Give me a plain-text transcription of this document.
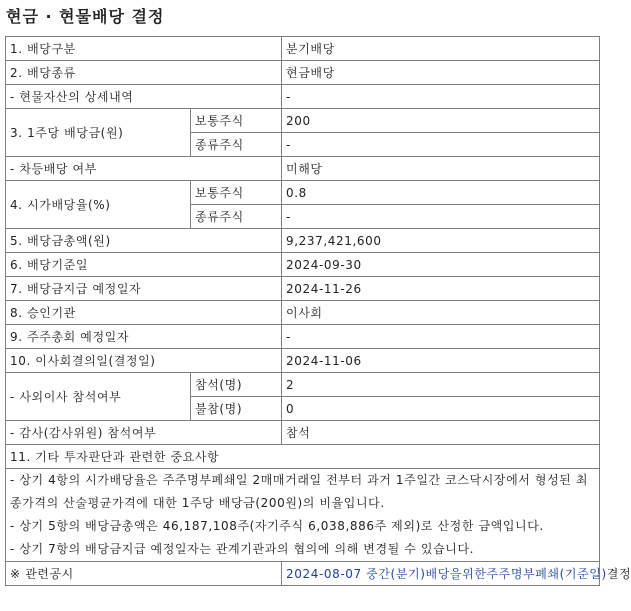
현금 · 현물배당 결정
1. 배당구분		분기배당
2. 배당종류		현금배당
- 현물자산의 상세내역		-
3. 1주당 배당금(원)	보통주식	200
	종류주식	-
- 차등배당 여부		미해당
4. 시가배당율(%)	보통주식	0.8
	종류주식	-
5. 배당금총액(원)		9,237,421,600
6. 배당기준일		2024-09-30
7. 배당금지급 예정일자		2024-11-26
8. 승인기관		이사회
9. 주주총회 예정일자		-
10. 이사회결의일(결정일)		2024-11-06
- 사외이사 참석여부	참석(명)	2
	불참(명)	0
- 감사(감사위원) 참석여부		참석
11. 기타 투자판단과 관련한 중요사항		

- 상기 4항의 시가배당율은 주주명부폐쇄일 2매매거래일 전부터 과거 1주일간 코스닥시장에서 형성된 최종가격의 산술평균가격에 대한 1주당 배당금(200원)의 비율입니다.
- 상기 5항의 배당금총액은 46,187,108주(자기주식 6,038,886주 제외)로 산정한 금액입니다.
- 상기 7항의 배당금지급 예정일자는 관계기관과의 협의에 의해 변경될 수 있습니다.		

※ 관련공시		2024-08-07 중간(분기)배당을위한주주명부폐쇄(기준일)결정
